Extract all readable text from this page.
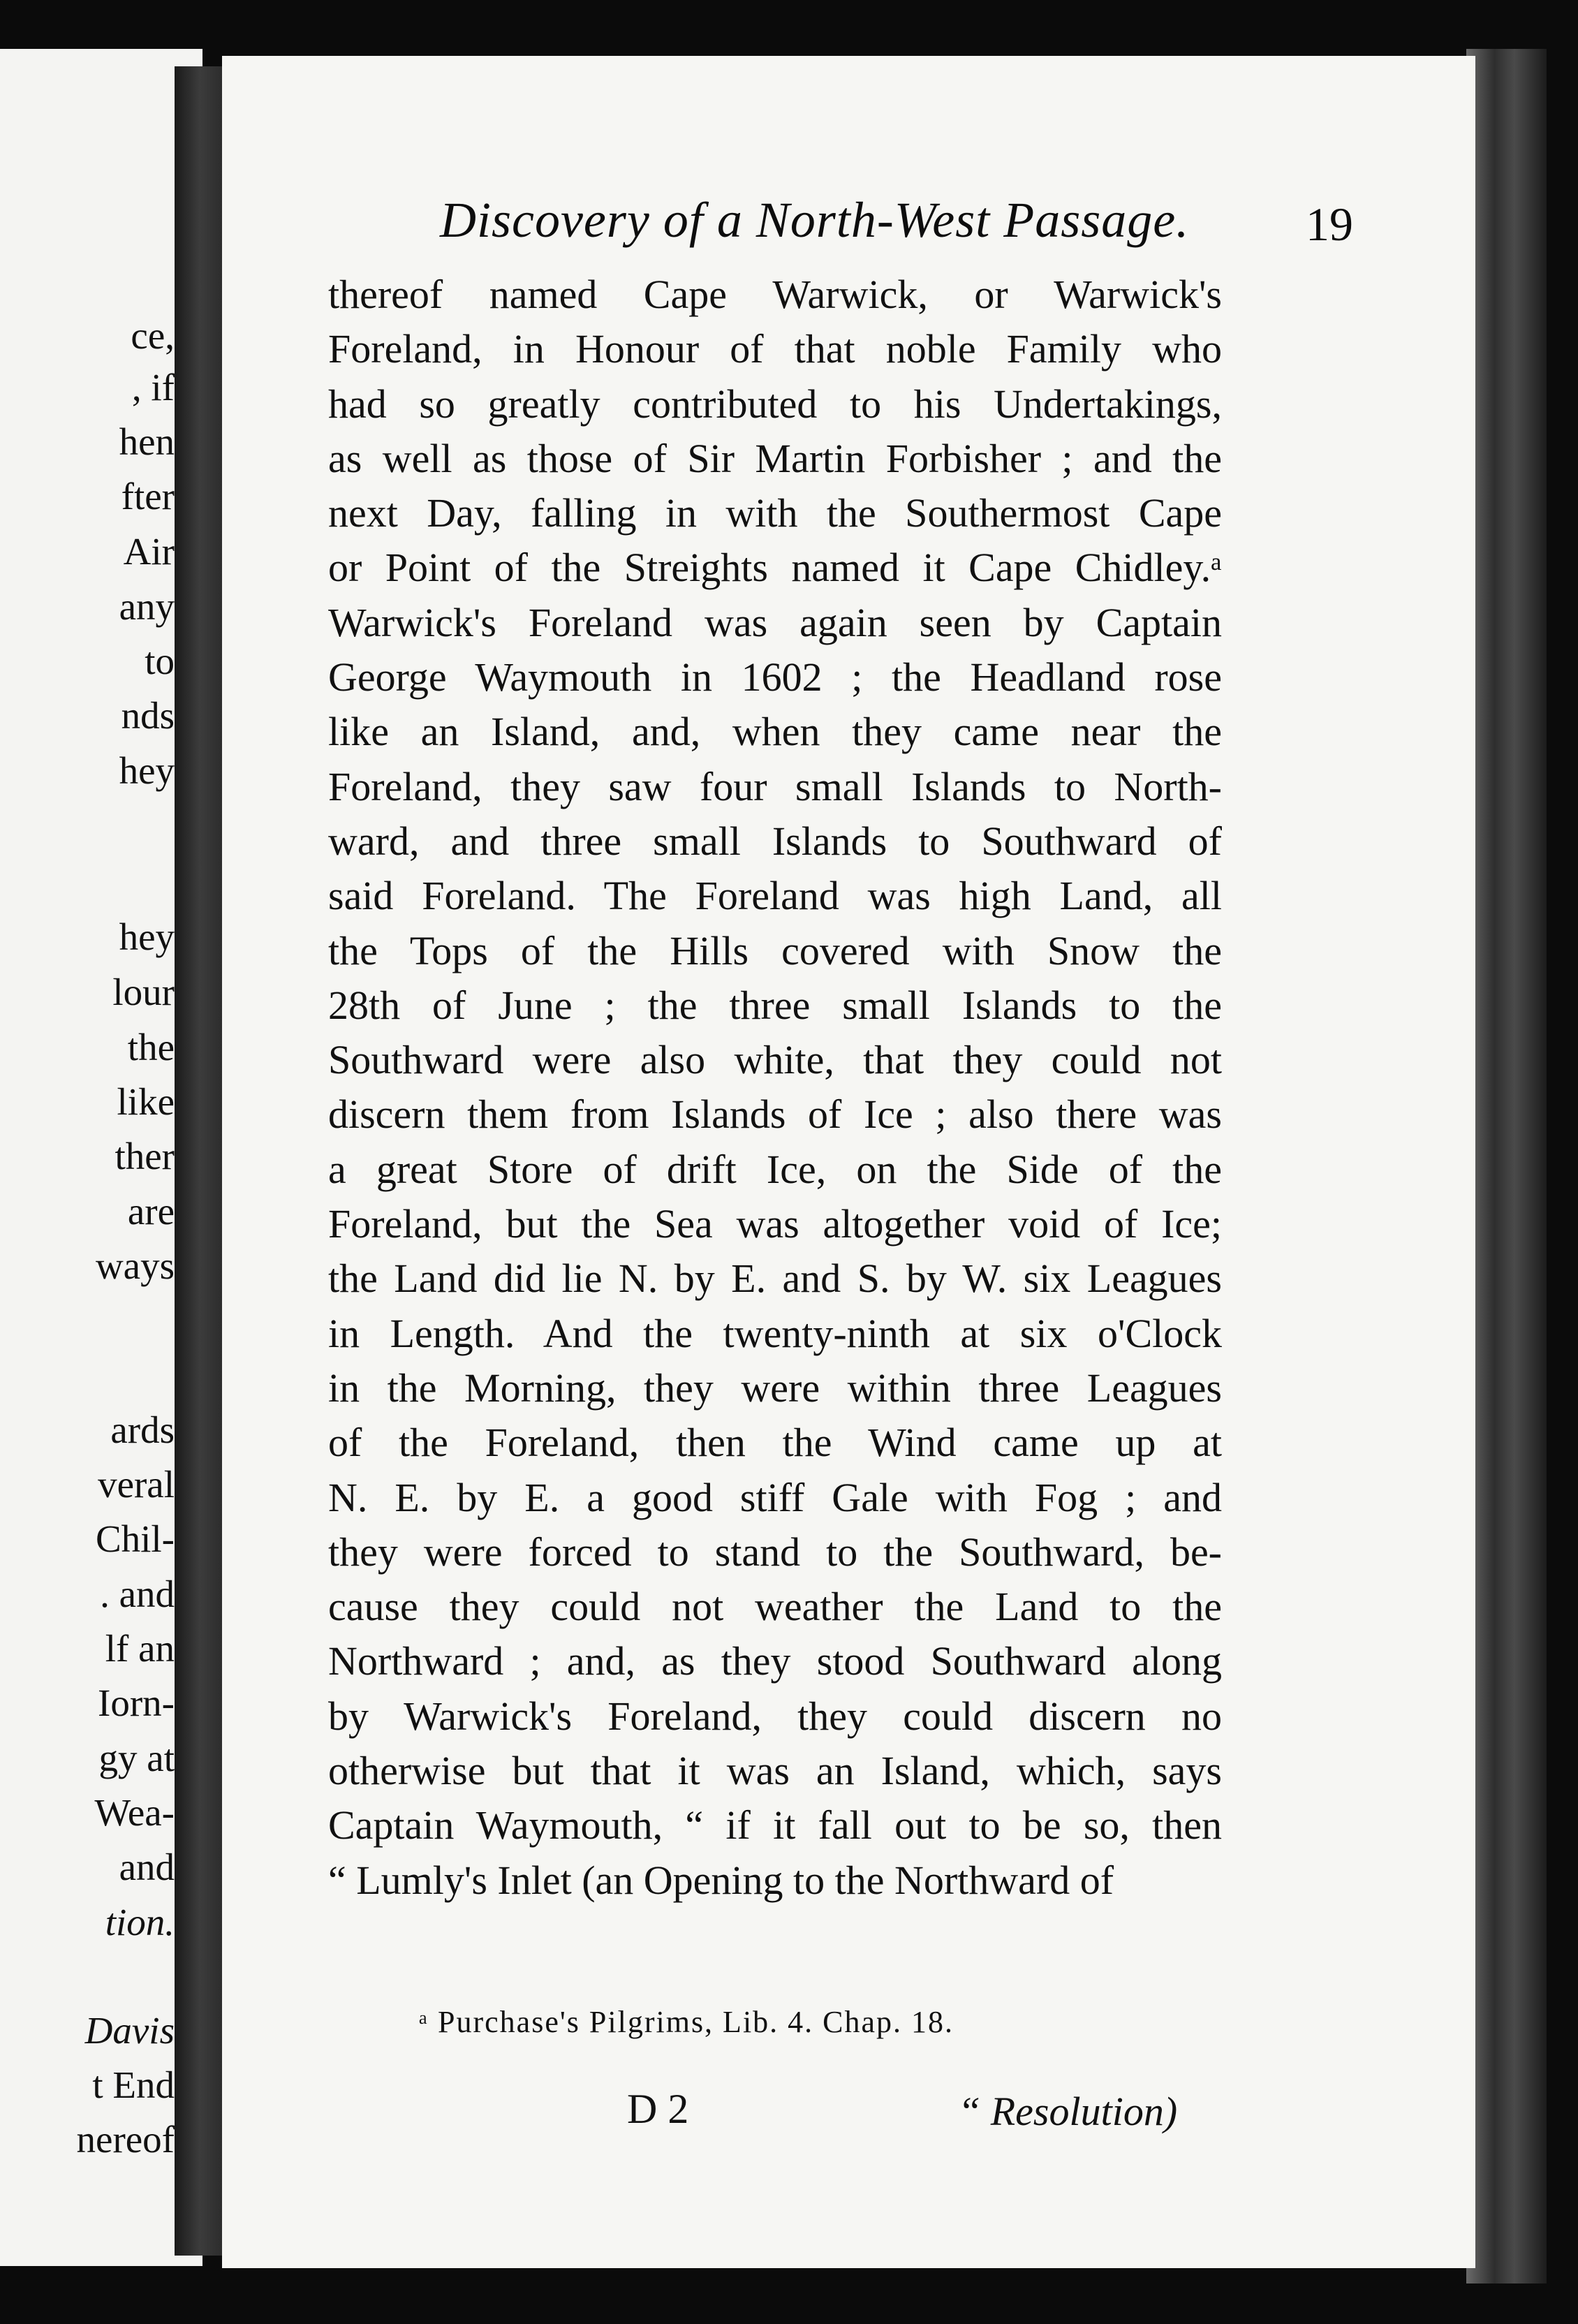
ce,
, if
hen
fter
Air
any
to
nds
hey
hey
lour
the
like
ther
are
ways
ards
veral
Chil-
. and
lf an
Iorn-
gy at
Wea-
and
tion.
Davis
t End
nereof
Discovery of a North-West Passage. 19
thereof named Cape Warwick, or Warwick's
Foreland, in Honour of that noble Family who
had so greatly contributed to his Undertakings,
as well as those of Sir Martin Forbisher ; and the
next Day, falling in with the Southermost Cape
or Point of the Streights named it Cape Chidley.ᵃ
Warwick's Foreland was again seen by Captain
George Waymouth in 1602 ; the Headland rose
like an Island, and, when they came near the
Foreland, they saw four small Islands to North-
ward, and three small Islands to Southward of
said Foreland. The Foreland was high Land, all
the Tops of the Hills covered with Snow the
28th of June ; the three small Islands to the
Southward were also white, that they could not
discern them from Islands of Ice ; also there was
a great Store of drift Ice, on the Side of the
Foreland, but the Sea was altogether void of Ice;
the Land did lie N. by E. and S. by W. six Leagues
in Length. And the twenty-ninth at six o'Clock
in the Morning, they were within three Leagues
of the Foreland, then the Wind came up at
N. E. by E. a good stiff Gale with Fog ; and
they were forced to stand to the Southward, be-
cause they could not weather the Land to the
Northward ; and, as they stood Southward along
by Warwick's Foreland, they could discern no
otherwise but that it was an Island, which, says
Captain Waymouth, “ if it fall out to be so, then
“ Lumly's Inlet (an Opening to the Northward of
ᵃ Purchase's Pilgrims, Lib. 4. Chap. 18.
D 2	“ Resolution)
